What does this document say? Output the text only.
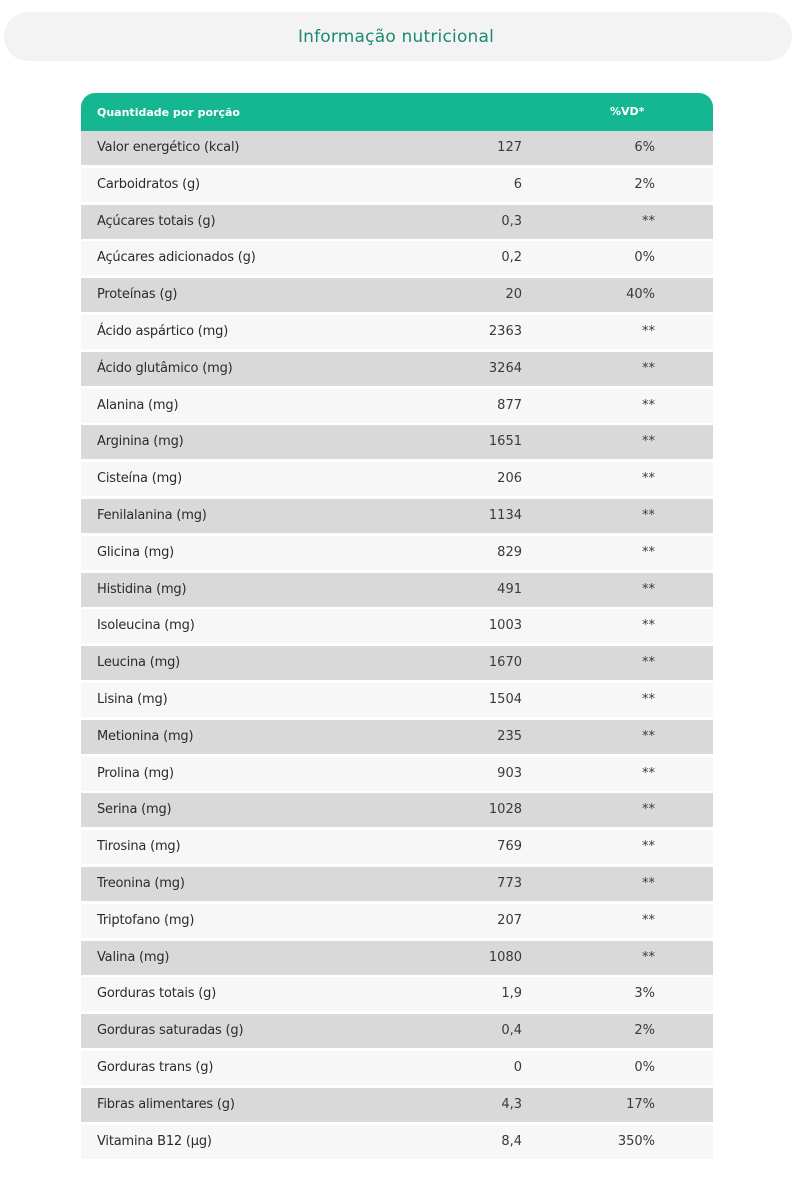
Informação nutricional
Quantidade por porção	%VD*
Valor energético (kcal)	127	6%
Carboidratos (g)	6	2%
Açúcares totais (g)	0,3	**
Açúcares adicionados (g)	0,2	0%
Proteínas (g)	20	40%
Ácido aspártico (mg)	2363	**
Ácido glutâmico (mg)	3264	**
Alanina (mg)	877	**
Arginina (mg)	1651	**
Cisteína (mg)	206	**
Fenilalanina (mg)	1134	**
Glicina (mg)	829	**
Histidina (mg)	491	**
Isoleucina (mg)	1003	**
Leucina (mg)	1670	**
Lisina (mg)	1504	**
Metionina (mg)	235	**
Prolina (mg)	903	**
Serina (mg)	1028	**
Tirosina (mg)	769	**
Treonina (mg)	773	**
Triptofano (mg)	207	**
Valina (mg)	1080	**
Gorduras totais (g)	1,9	3%
Gorduras saturadas (g)	0,4	2%
Gorduras trans (g)	0	0%
Fibras alimentares (g)	4,3	17%
Vitamina B12 (µg)	8,4	350%
